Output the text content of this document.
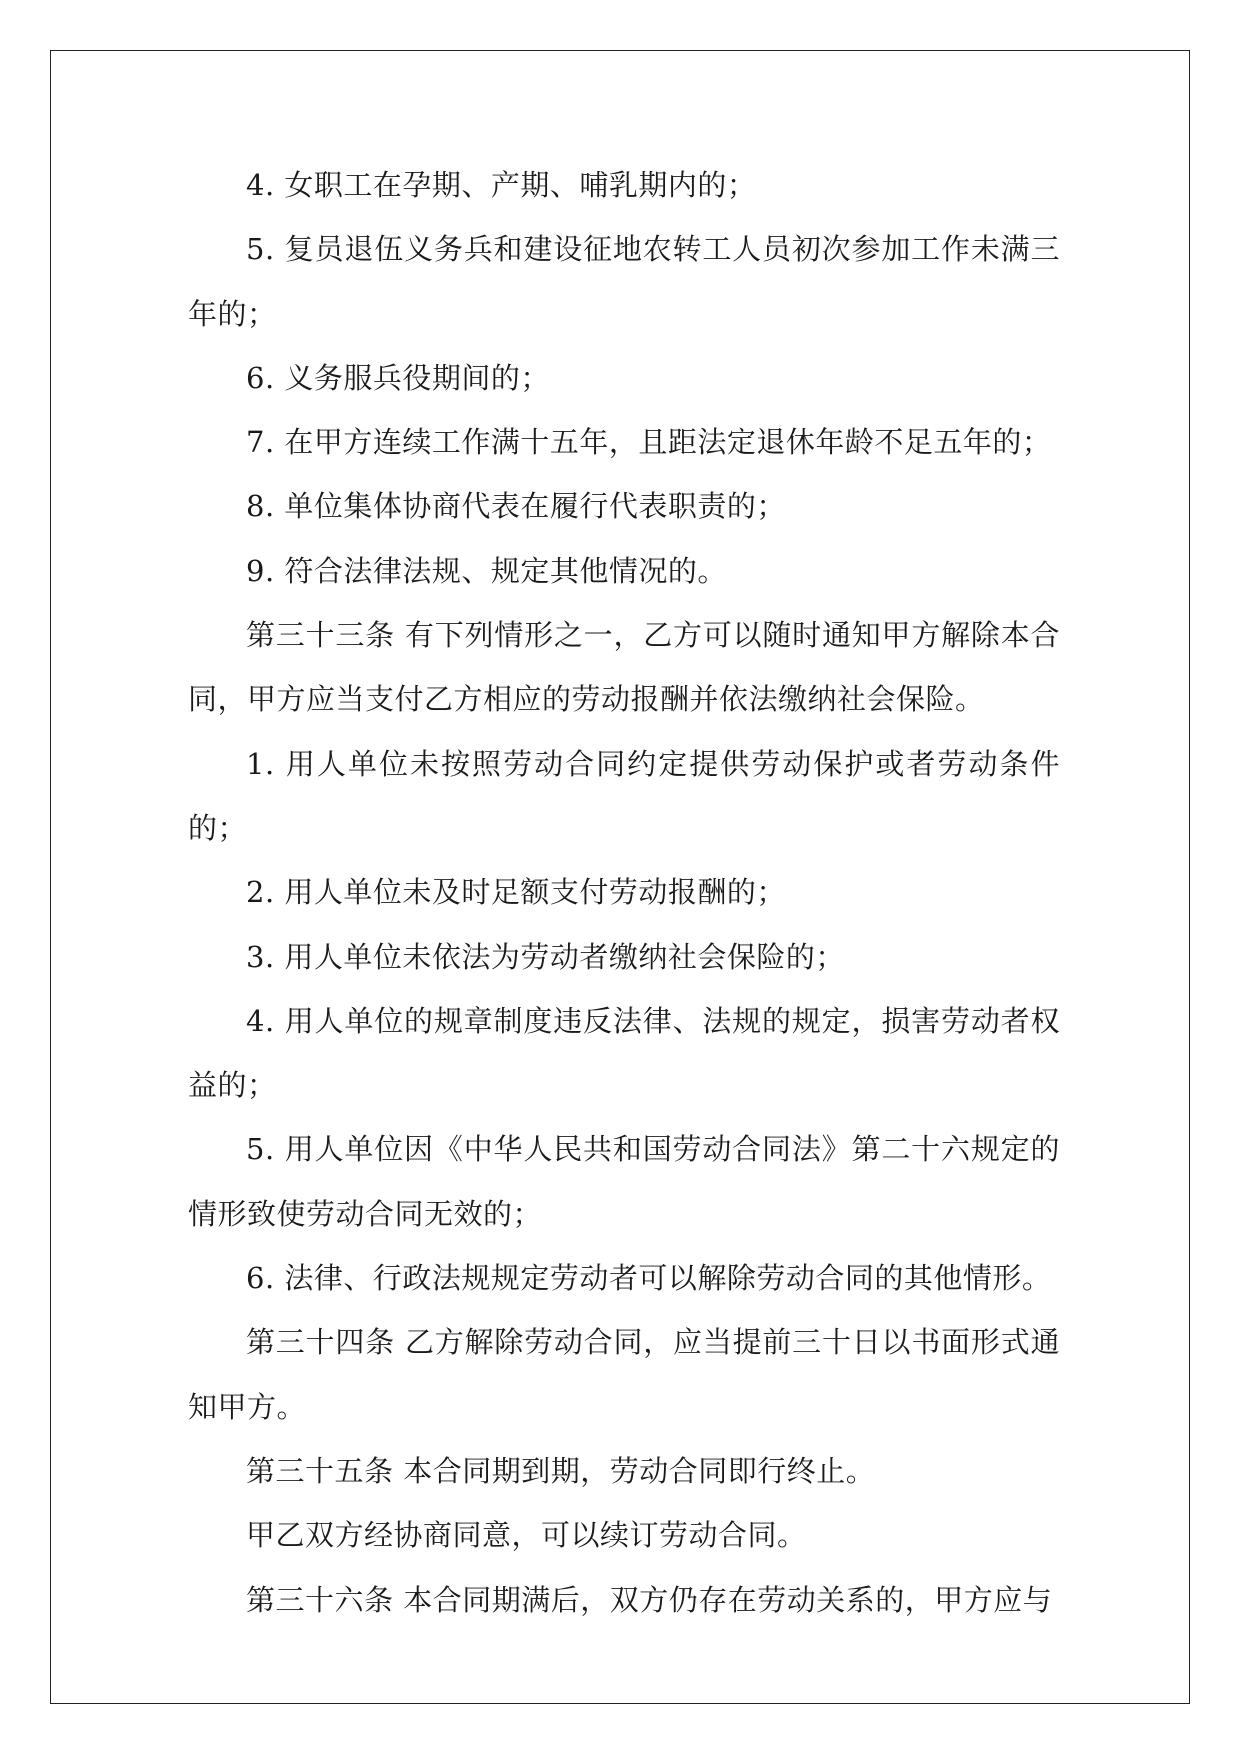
4. 女职工在孕期、产期、哺乳期内的；

5. 复员退伍义务兵和建设征地农转工人员初次参加工作未满三年的；

6. 义务服兵役期间的；

7. 在甲方连续工作满十五年，且距法定退休年龄不足五年的；

8. 单位集体协商代表在履行代表职责的；

9. 符合法律法规、规定其他情况的。

第三十三条 有下列情形之一，乙方可以随时通知甲方解除本合同，甲方应当支付乙方相应的劳动报酬并依法缴纳社会保险。

1. 用人单位未按照劳动合同约定提供劳动保护或者劳动条件的；

2. 用人单位未及时足额支付劳动报酬的；

3. 用人单位未依法为劳动者缴纳社会保险的；

4. 用人单位的规章制度违反法律、法规的规定，损害劳动者权益的；

5. 用人单位因《中华人民共和国劳动合同法》第二十六规定的情形致使劳动合同无效的；

6. 法律、行政法规规定劳动者可以解除劳动合同的其他情形。

第三十四条 乙方解除劳动合同，应当提前三十日以书面形式通知甲方。

第三十五条 本合同期到期，劳动合同即行终止。

甲乙双方经协商同意，可以续订劳动合同。

第三十六条 本合同期满后，双方仍存在劳动关系的，甲方应与
